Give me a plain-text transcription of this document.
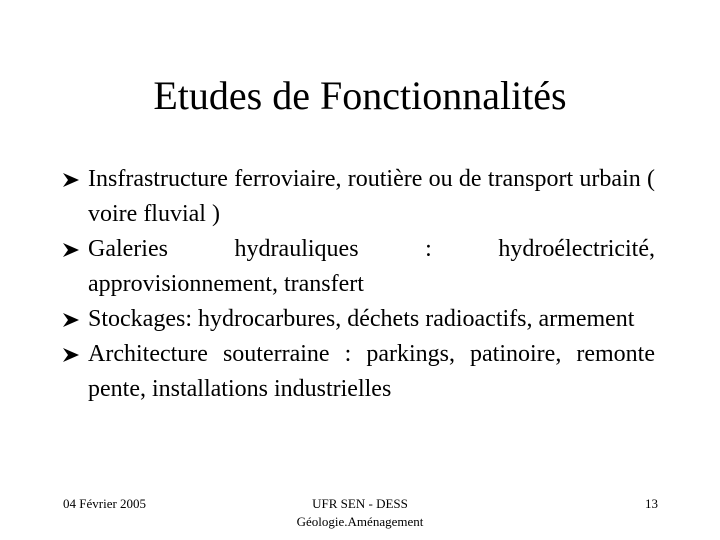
Etudes de Fonctionnalités
Insfrastructure ferroviaire, routière ou de transport urbain ( voire fluvial )
Galeries hydrauliques : hydroélectricité, approvisionnement, transfert
Stockages: hydrocarbures, déchets radioactifs, armement
Architecture souterraine : parkings, patinoire, remonte pente, installations industrielles
04 Février 2005	UFR SEN - DESS
Géologie.Aménagement
13
